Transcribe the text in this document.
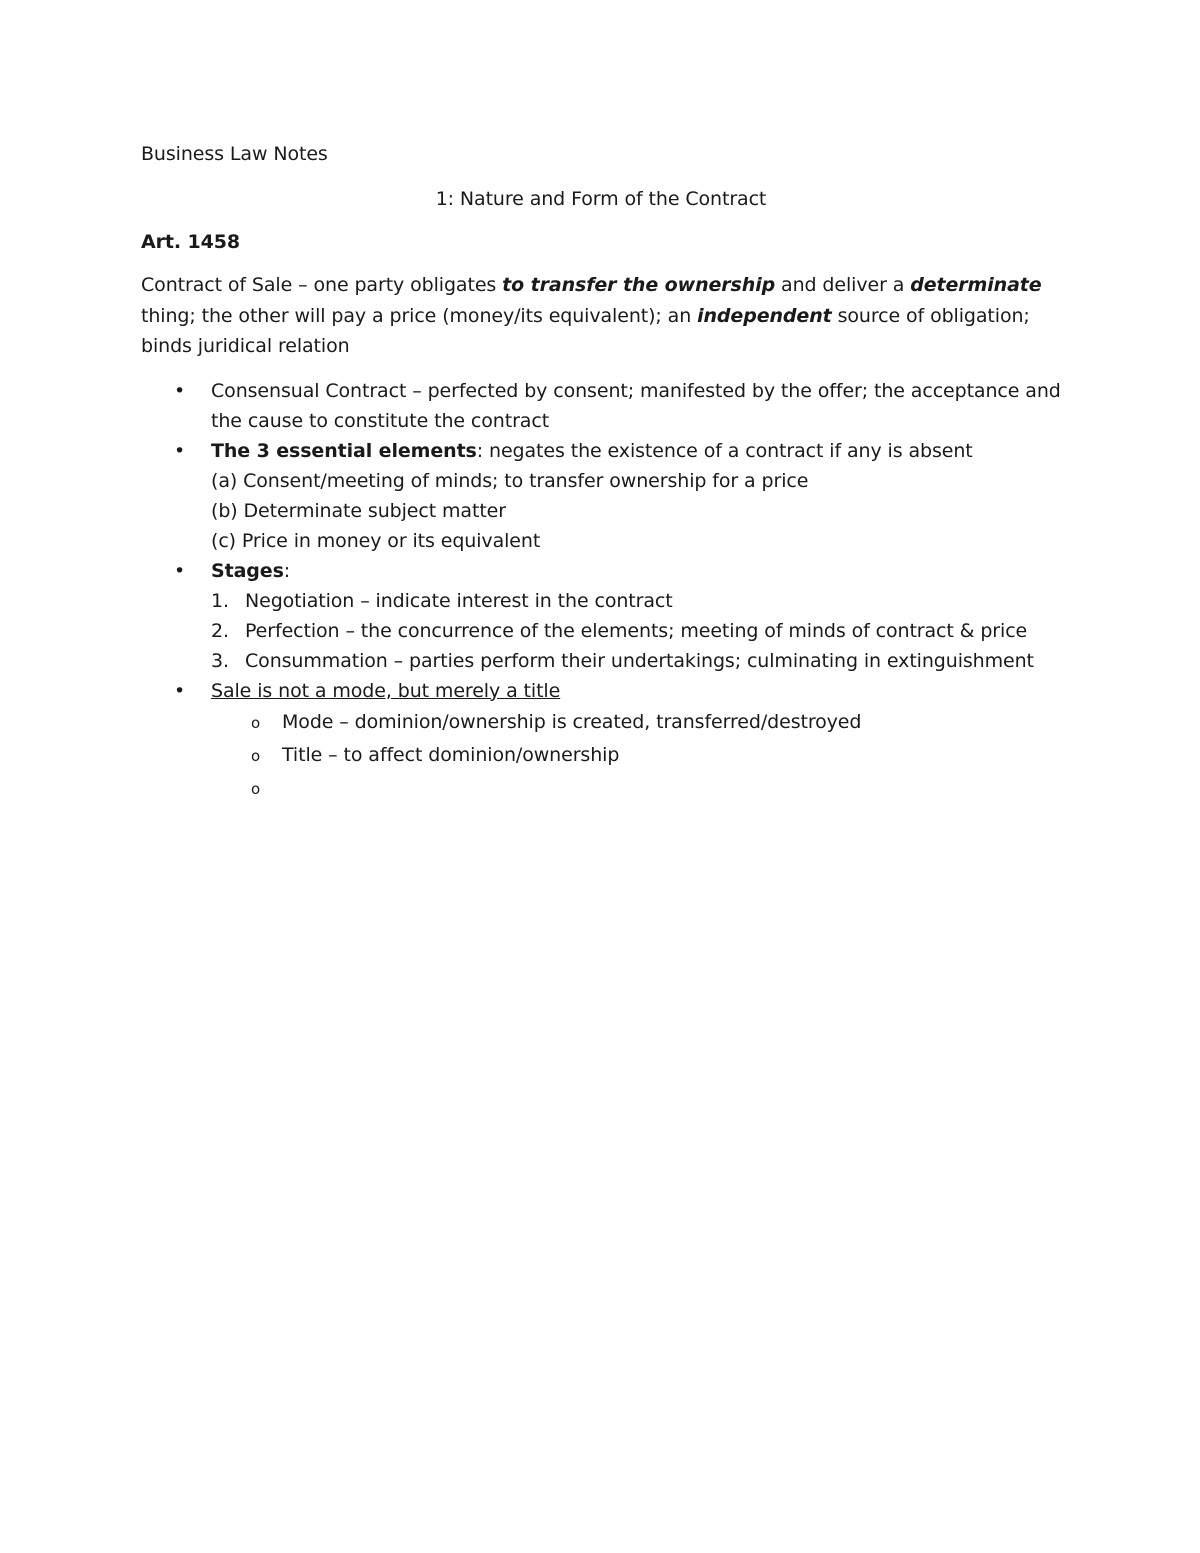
Business Law Notes

1: Nature and Form of the Contract

Art. 1458

Contract of Sale – one party obligates to transfer the ownership and deliver a determinate thing; the other will pay a price (money/its equivalent); an independent source of obligation; binds juridical relation

• Consensual Contract – perfected by consent; manifested by the offer; the acceptance and the cause to constitute the contract
• The 3 essential elements: negates the existence of a contract if any is absent
(a) Consent/meeting of minds; to transfer ownership for a price
(b) Determinate subject matter
(c) Price in money or its equivalent
• Stages:
1. Negotiation – indicate interest in the contract
2. Perfection – the concurrence of the elements; meeting of minds of contract & price
3. Consummation – parties perform their undertakings; culminating in extinguishment
• Sale is not a mode, but merely a title
o Mode – dominion/ownership is created, transferred/destroyed
o Title – to affect dominion/ownership
o
